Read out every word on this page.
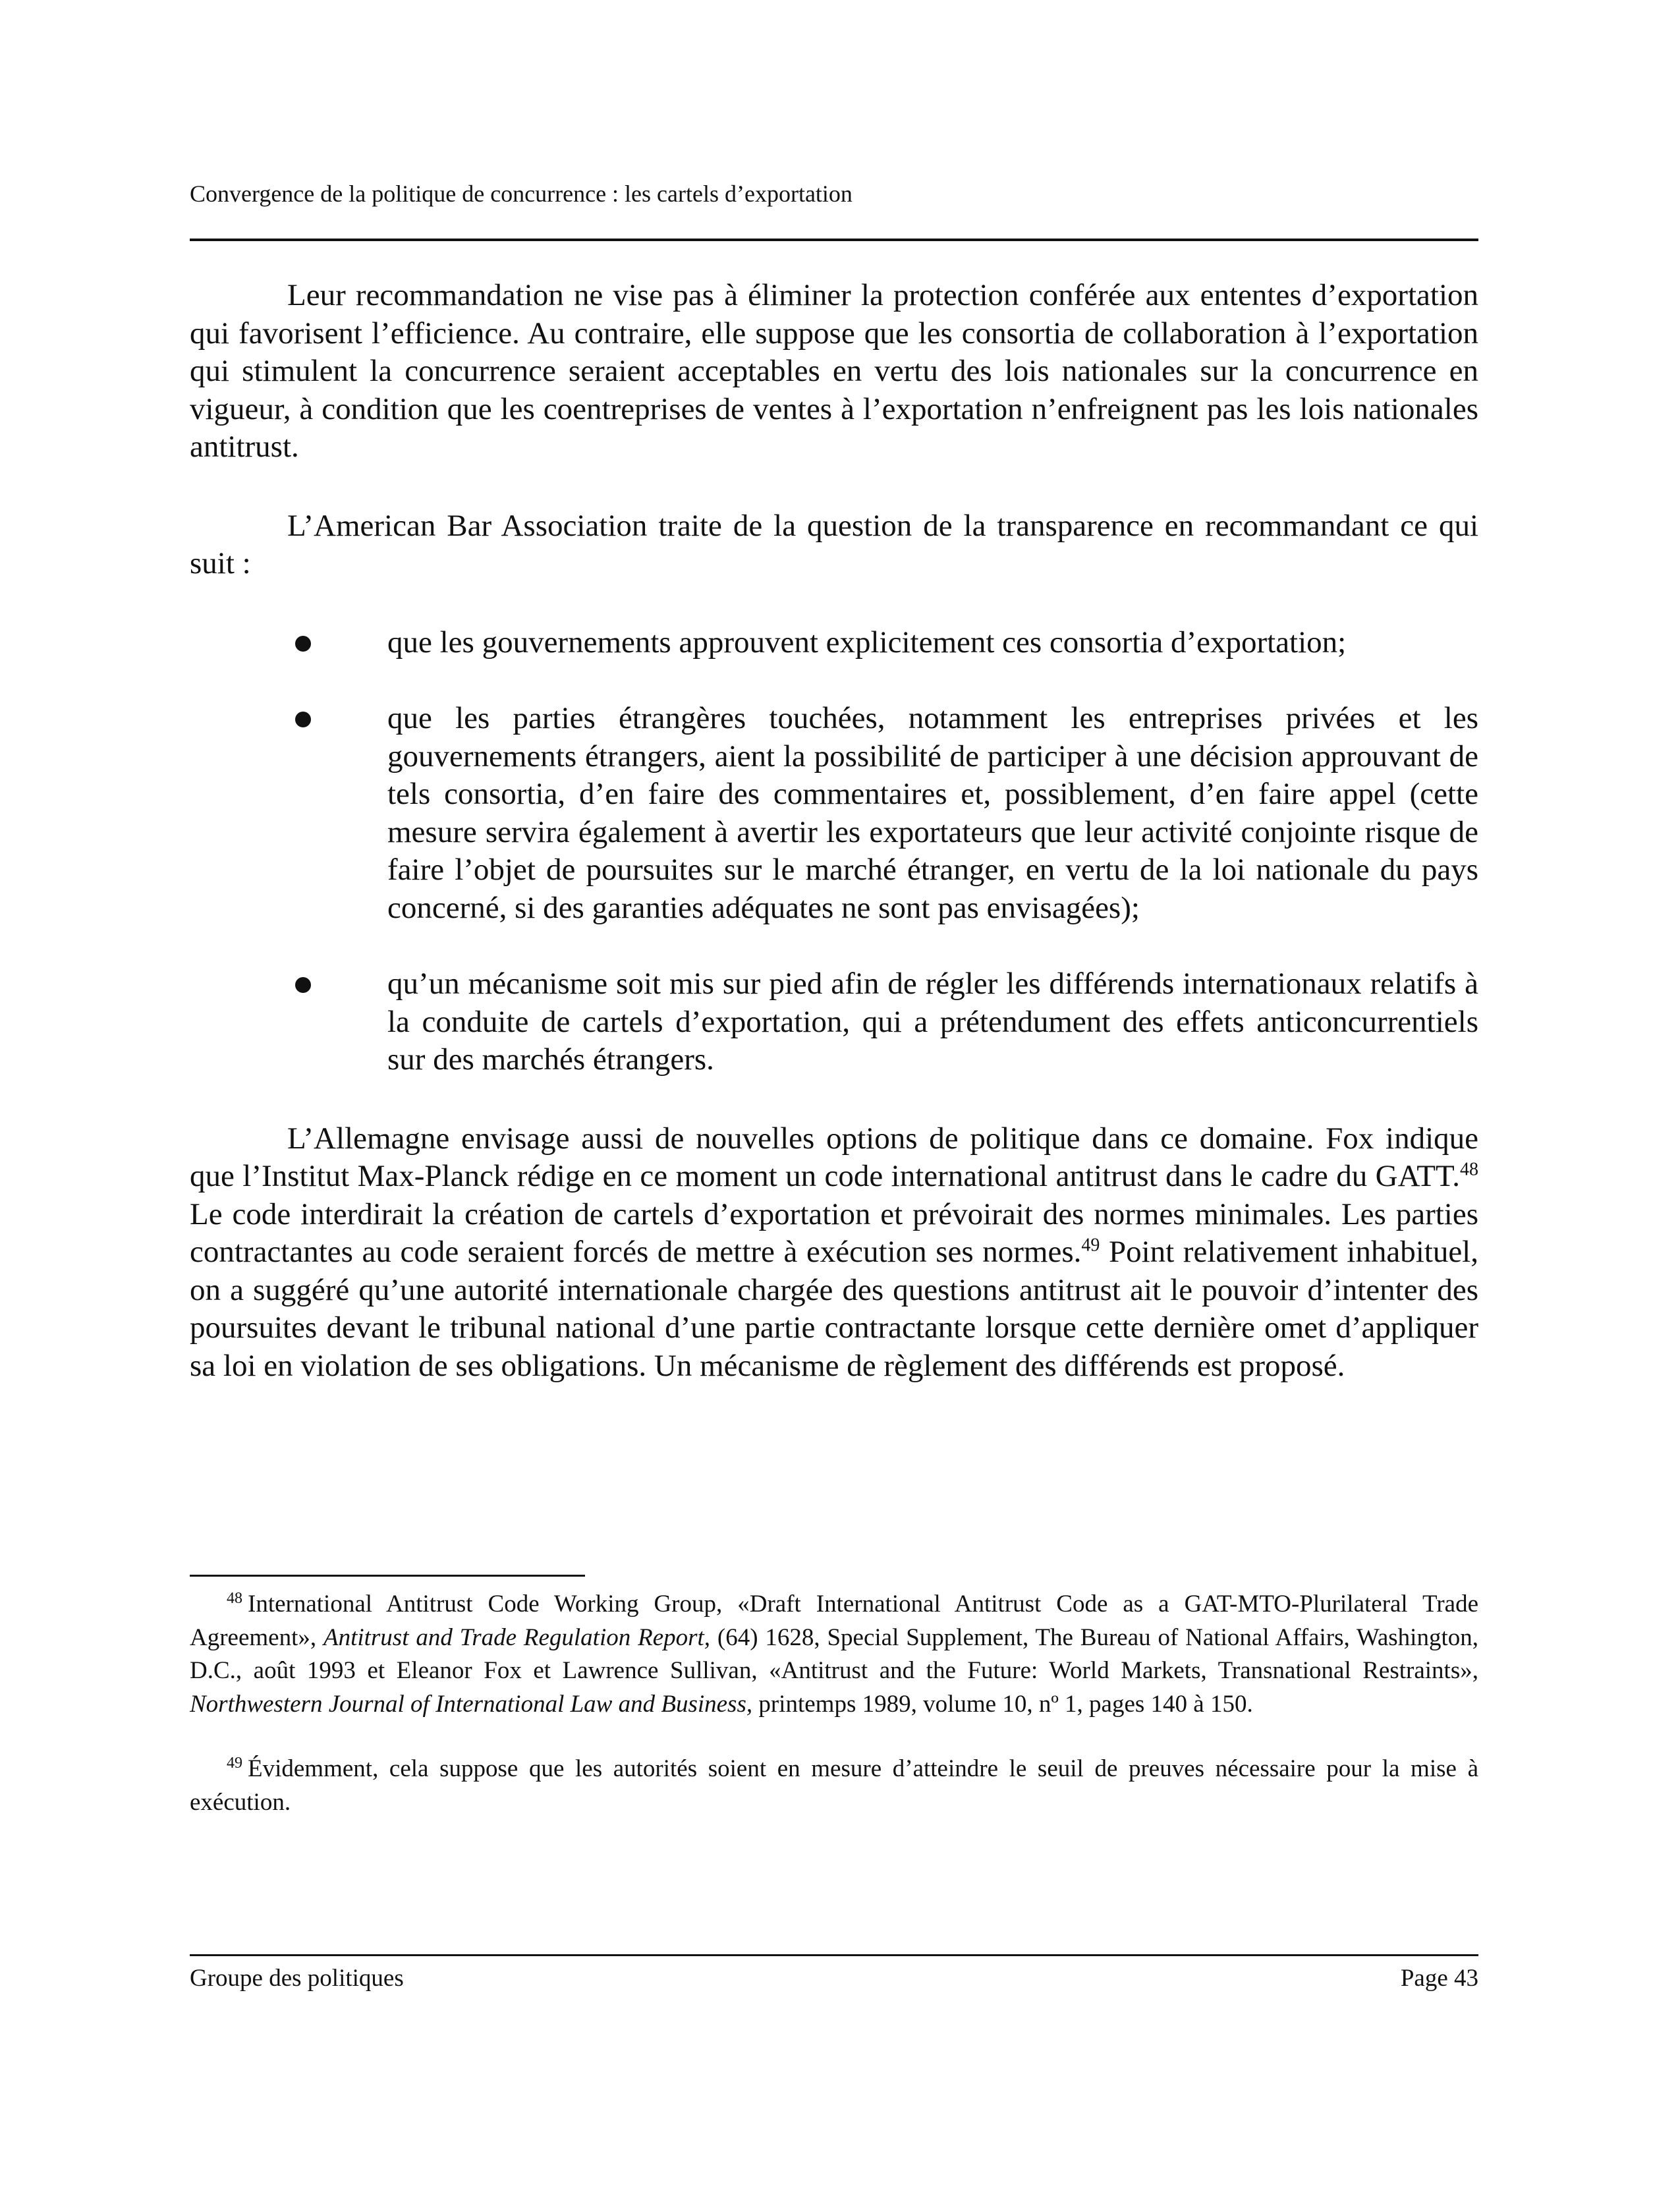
Convergence de la politique de concurrence : les cartels d’exportation

Leur recommandation ne vise pas à éliminer la protection conférée aux ententes d’exportation qui favorisent l’efficience. Au contraire, elle suppose que les consortia de collaboration à l’exportation qui stimulent la concurrence seraient acceptables en vertu des lois nationales sur la concurrence en vigueur, à condition que les coentreprises de ventes à l’exportation n’enfreignent pas les lois nationales antitrust.

L’American Bar Association traite de la question de la transparence en recommandant ce qui suit :

que les gouvernements approuvent explicitement ces consortia d’exportation;
que les parties étrangères touchées, notamment les entreprises privées et les gouvernements étrangers, aient la possibilité de participer à une décision approuvant de tels consortia, d’en faire des commentaires et, possiblement, d’en faire appel (cette mesure servira également à avertir les exportateurs que leur activité conjointe risque de faire l’objet de poursuites sur le marché étranger, en vertu de la loi nationale du pays concerné, si des garanties adéquates ne sont pas envisagées);
qu’un mécanisme soit mis sur pied afin de régler les différends internationaux relatifs à la conduite de cartels d’exportation, qui a prétendument des effets anticoncurrentiels sur des marchés étrangers.

L’Allemagne envisage aussi de nouvelles options de politique dans ce domaine. Fox indique que l’Institut Max-Planck rédige en ce moment un code international antitrust dans le cadre du GATT.$^{48}$ Le code interdirait la création de cartels d’exportation et prévoirait des normes minimales. Les parties contractantes au code seraient forcés de mettre à exécution ses normes.$^{49}$ Point relativement inhabituel, on a suggéré qu’une autorité internationale chargée des questions antitrust ait le pouvoir d’intenter des poursuites devant le tribunal national d’une partie contractante lorsque cette dernière omet d’appliquer sa loi en violation de ses obligations. Un mécanisme de règlement des différends est proposé.

$^{48}$ International Antitrust Code Working Group, «Draft International Antitrust Code as a GAT-MTO-Plurilateral Trade Agreement», Antitrust and Trade Regulation Report, (64) 1628, Special Supplement, The Bureau of National Affairs, Washington, D.C., août 1993 et Eleanor Fox et Lawrence Sullivan, «Antitrust and the Future: World Markets, Transnational Restraints», Northwestern Journal of International Law and Business, printemps 1989, volume 10, nº 1, pages 140 à 150.

$^{49}$ Évidemment, cela suppose que les autorités soient en mesure d’atteindre le seuil de preuves nécessaire pour la mise à exécution.

Groupe des politiques	Page 43
